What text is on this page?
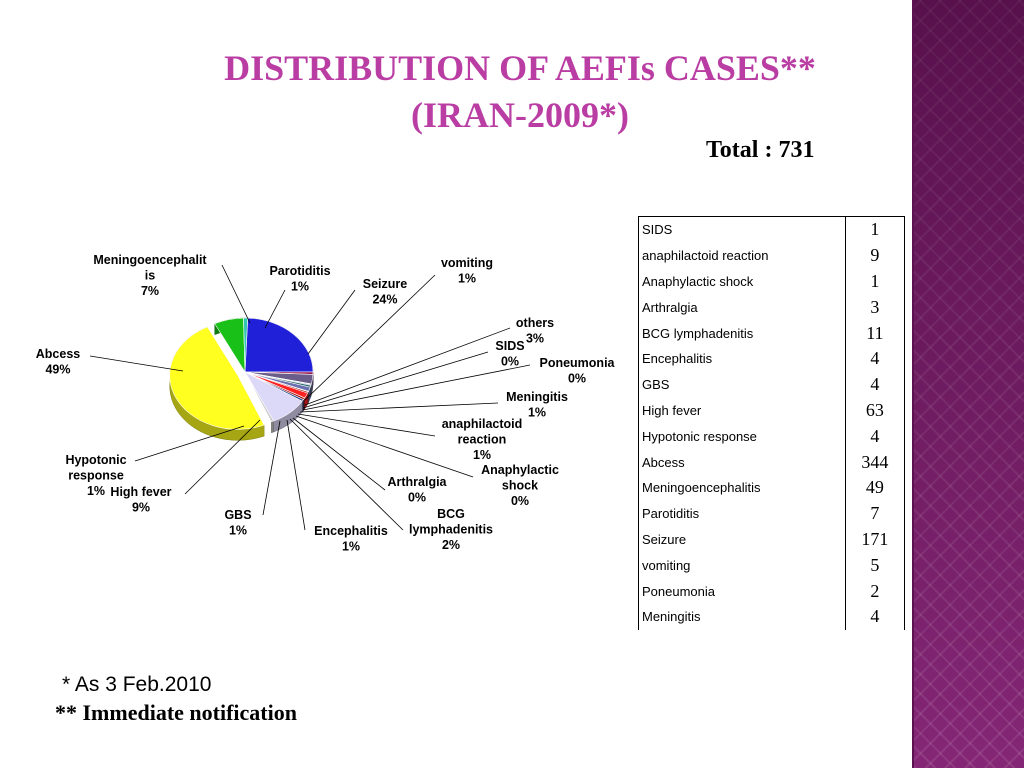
DISTRIBUTION OF AEFIs CASES**
(IRAN-2009*)
Total : 731
Seizure 24%
vomiting 1%
others 3%
SIDS 0%	Poneumonia 0%
Meningitis 1%
anaphilactoid reaction 1%
Anaphylactic shock 0%
Arthralgia 0%
BCG lymphadenitis 2%
Encephalitis 1%
GBS 1%
High fever 9%
Hypotonic response 1%
Abcess 49%
Meningoencephalit is 7%
Parotiditis 1%
SIDS	1
anaphilactoid reaction	9
Anaphylactic shock	1
Arthralgia	3
BCG lymphadenitis	11
Encephalitis	4
GBS	4
High fever	63
Hypotonic response	4
Abcess	344
Meningoencephalitis	49
Parotiditis	7
Seizure	171
vomiting	5
Poneumonia	2
Meningitis	4
* As 3 Feb.2010
** Immediate notification
